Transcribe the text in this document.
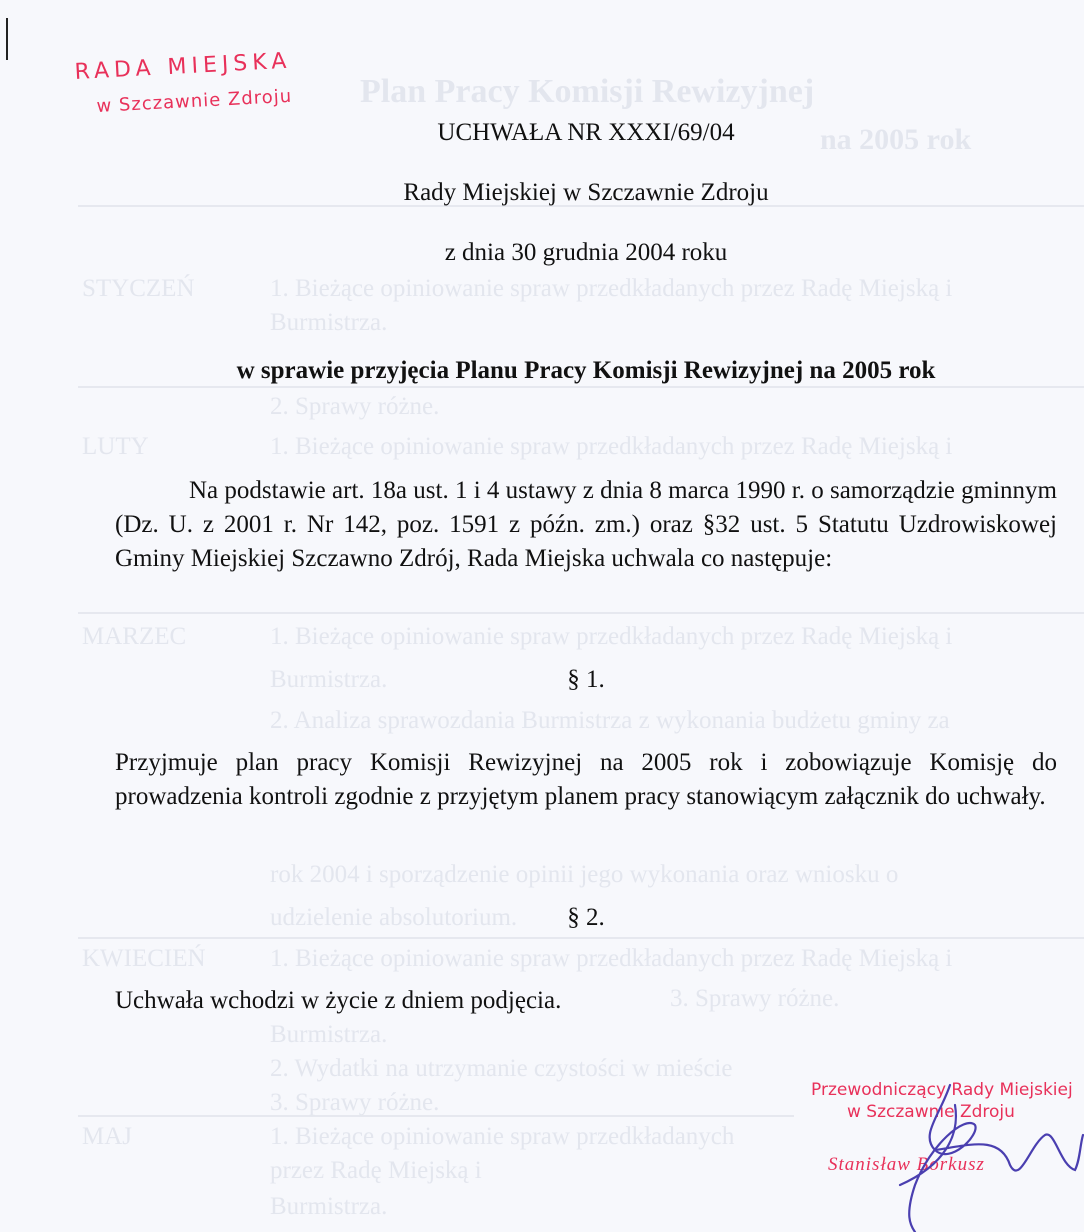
Plan Pracy Komisji Rewizyjnej
na 2005 rok
STYCZEŃ	1. Bieżące opiniowanie spraw przedkładanych przez Radę Miejską i
Burmistrza.
2. Sprawy różne.
LUTY	1. Bieżące opiniowanie spraw przedkładanych przez Radę Miejską i
MARZEC	1. Bieżące opiniowanie spraw przedkładanych przez Radę Miejską i
Burmistrza.
2. Analiza sprawozdania Burmistrza z wykonania budżetu gminy za
rok 2004 i sporządzenie opinii jego wykonania oraz wniosku o
udzielenie absolutorium.
3. Sprawy różne.
KWIECIEŃ	1. Bieżące opiniowanie spraw przedkładanych przez Radę Miejską i
Burmistrza.
2. Wydatki na utrzymanie czystości w mieście
3. Sprawy różne.
MAJ	1. Bieżące opiniowanie spraw przedkładanych przez Radę Miejską i
Burmistrza.
RADA MIEJSKA
w Szczawnie Zdroju
UCHWAŁA NR XXXI/69/04
Rady Miejskiej w Szczawnie Zdroju
z dnia 30 grudnia 2004 roku
w sprawie przyjęcia Planu Pracy Komisji Rewizyjnej na 2005 rok
Na podstawie art. 18a ust. 1 i 4 ustawy z dnia 8 marca 1990 r. o samorządzie gminnym (Dz. U. z 2001 r. Nr 142, poz. 1591 z późn. zm.) oraz §32 ust. 5 Statutu Uzdrowiskowej Gminy Miejskiej Szczawno Zdrój, Rada Miejska uchwala co następuje:
§ 1.
Przyjmuje plan pracy Komisji Rewizyjnej na 2005 rok i zobowiązuje Komisję do prowadzenia kontroli zgodnie z przyjętym planem pracy stanowiącym załącznik do uchwały.
§ 2.
Uchwała wchodzi w życie z dniem podjęcia.
Przewodniczący Rady Miejskiej
w Szczawnie Zdroju
Stanisław Borkusz
